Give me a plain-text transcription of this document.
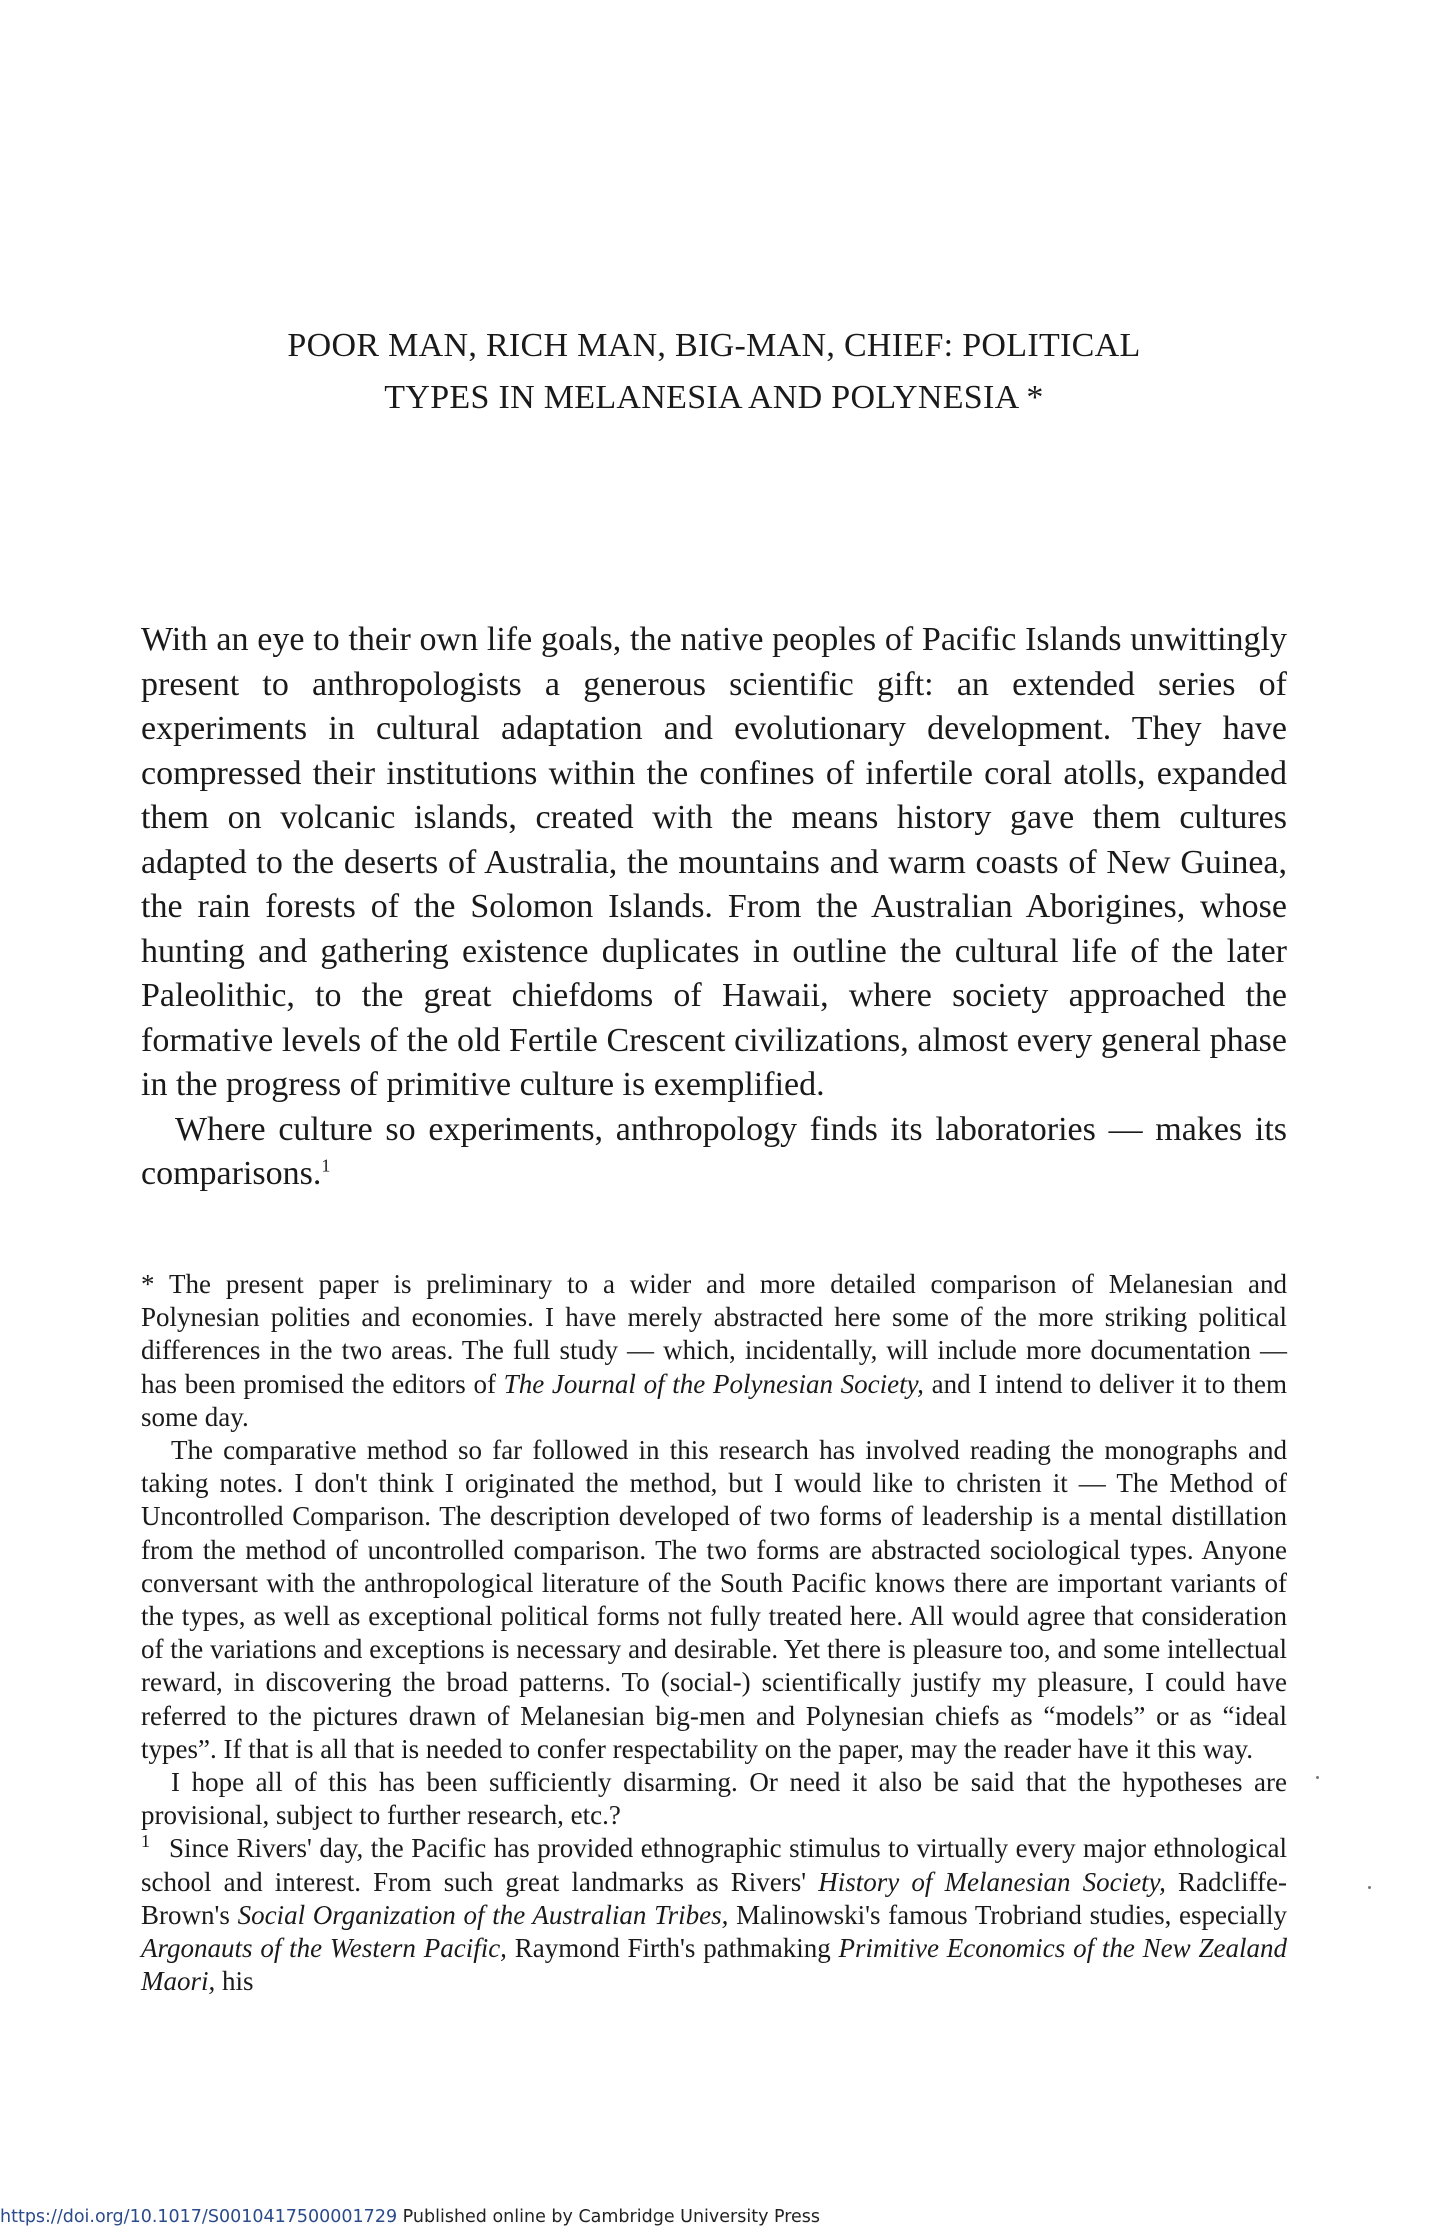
POOR MAN, RICH MAN, BIG-MAN, CHIEF: POLITICAL
TYPES IN MELANESIA AND POLYNESIA *

With an eye to their own life goals, the native peoples of Pacific Islands unwittingly present to anthropologists a generous scientific gift: an extended series of experiments in cultural adaptation and evolutionary development. They have compressed their institutions within the confines of infertile coral atolls, expanded them on volcanic islands, created with the means history gave them cultures adapted to the deserts of Australia, the mountains and warm coasts of New Guinea, the rain forests of the Solomon Islands. From the Australian Aborigines, whose hunting and gathering existence duplicates in outline the cultural life of the later Paleolithic, to the great chiefdoms of Hawaii, where society approached the formative levels of the old Fertile Crescent civilizations, almost every general phase in the progress of primitive culture is exemplified.

Where culture so experiments, anthropology finds its laboratories — makes its comparisons.$^1$

* The present paper is preliminary to a wider and more detailed comparison of Melanesian and Polynesian polities and economies. I have merely abstracted here some of the more striking political differences in the two areas. The full study — which, incidentally, will include more documentation — has been promised the editors of The Journal of the Polynesian Society, and I intend to deliver it to them some day.

The comparative method so far followed in this research has involved reading the monographs and taking notes. I don't think I originated the method, but I would like to christen it — The Method of Uncontrolled Comparison. The description developed of two forms of leadership is a mental distillation from the method of uncontrolled comparison. The two forms are abstracted sociological types. Anyone conversant with the anthropological literature of the South Pacific knows there are important variants of the types, as well as exceptional political forms not fully treated here. All would agree that consideration of the variations and exceptions is necessary and desirable. Yet there is pleasure too, and some intellectual reward, in discovering the broad patterns. To (social-) scientifically justify my pleasure, I could have referred to the pictures drawn of Melanesian big-men and Polynesian chiefs as “models” or as “ideal types”. If that is all that is needed to confer respectability on the paper, may the reader have it this way.

I hope all of this has been sufficiently disarming. Or need it also be said that the hypotheses are provisional, subject to further research, etc.?

$^1$ Since Rivers' day, the Pacific has provided ethnographic stimulus to virtually every major ethnological school and interest. From such great landmarks as Rivers' History of Melanesian Society, Radcliffe-Brown's Social Organization of the Australian Tribes, Malinowski's famous Trobriand studies, especially Argonauts of the Western Pacific, Raymond Firth's pathmaking Primitive Economics of the New Zealand Maori, his

https://doi.org/10.1017/S0010417500001729 Published online by Cambridge University Press
